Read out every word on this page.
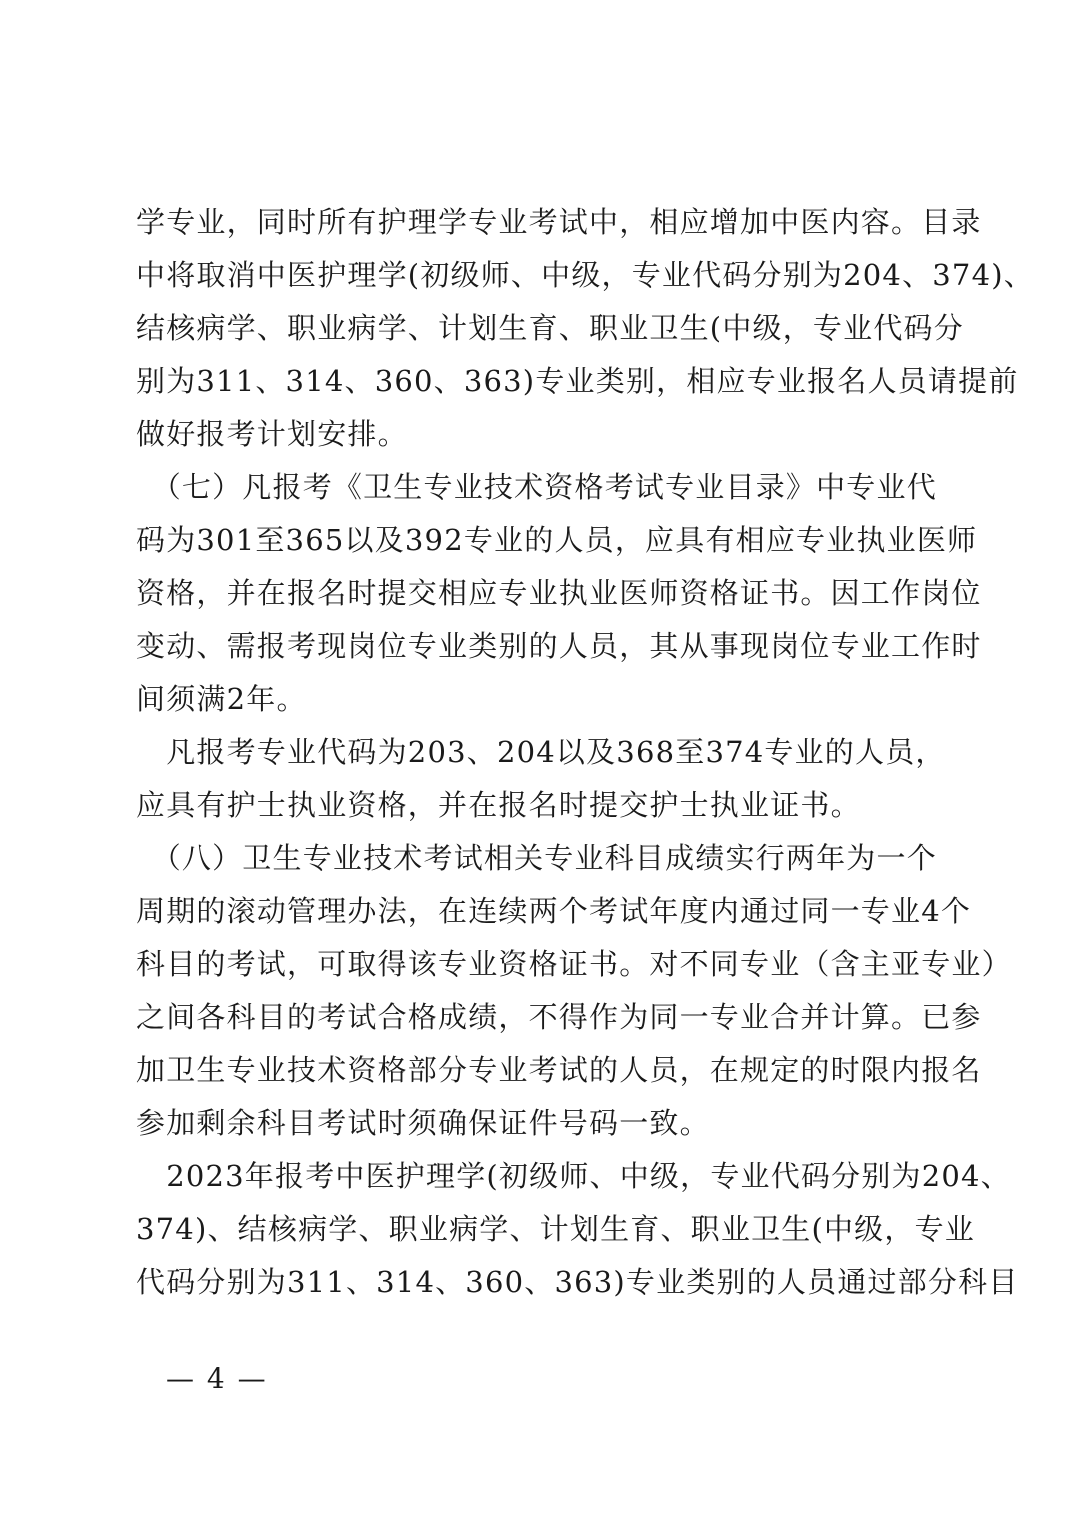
学专业，同时所有护理学专业考试中，相应增加中医内容。目录
中将取消中医护理学(初级师、中级，专业代码分别为204、374)、
结核病学、职业病学、计划生育、职业卫生(中级，专业代码分
别为311、314、360、363)专业类别，相应专业报名人员请提前
做好报考计划安排。
　（七）凡报考《卫生专业技术资格考试专业目录》中专业代
码为301至365以及392专业的人员，应具有相应专业执业医师
资格，并在报名时提交相应专业执业医师资格证书。因工作岗位
变动、需报考现岗位专业类别的人员，其从事现岗位专业工作时
间须满2年。
　凡报考专业代码为203、204以及368至374专业的人员，
应具有护士执业资格，并在报名时提交护士执业证书。
　（八）卫生专业技术考试相关专业科目成绩实行两年为一个
周期的滚动管理办法，在连续两个考试年度内通过同一专业4个
科目的考试，可取得该专业资格证书。对不同专业（含主亚专业）
之间各科目的考试合格成绩，不得作为同一专业合并计算。已参
加卫生专业技术资格部分专业考试的人员，在规定的时限内报名
参加剩余科目考试时须确保证件号码一致。
　2023年报考中医护理学(初级师、中级，专业代码分别为204、
374)、结核病学、职业病学、计划生育、职业卫生(中级，专业
代码分别为311、314、360、363)专业类别的人员通过部分科目
— 4 —
